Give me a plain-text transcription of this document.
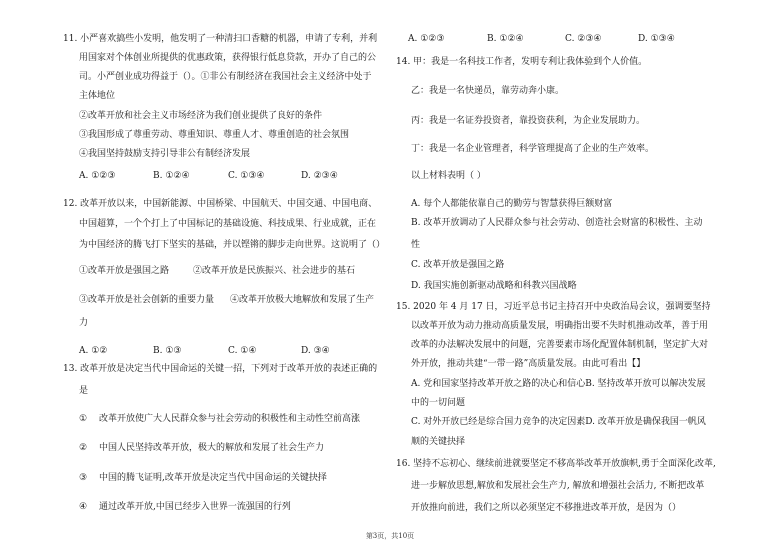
11. 小严喜欢搞些小发明，他发明了一种清扫口香糖的机器，申请了专利，并利
用国家对个体创业所提供的优惠政策，获得银行低息贷款，开办了自己的公
司。小严创业成功得益于（）。①非公有制经济在我国社会主义经济中处于
主体地位
②改革开放和社会主义市场经济为我们创业提供了良好的条件
③我国形成了尊重劳动、尊重知识、尊重人才、尊重创造的社会氛围
④我国坚持鼓励支持引导非公有制经济发展
A. ①②③	B. ①②④	C. ①③④	D. ②③④
12. 改革开放以来，中国新能源、中国桥梁、中国航天、中国交通、中国电商、
中国超算，一个个打上了中国标记的基础设施、科技成果、行业成就，正在
为中国经济的腾飞打下坚实的基础，并以铿锵的脚步走向世界。这说明了（）
①改革开放是强国之路	②改革开放是民族振兴、社会进步的基石
③改革开放是社会创新的重要力量 ④改革开放极大地解放和发展了生产
力
A. ①②	B. ①③	C. ①④	D. ③④
13. 改革开放是决定当代中国命运的关键一招，下列对于改革开放的表述正确的
是
① 改革开放使广大人民群众参与社会劳动的积极性和主动性空前高涨
② 中国人民坚持改革开放，极大的解放和发展了社会生产力
③ 中国的腾飞证明,改革开放是决定当代中国命运的关键抉择
④ 通过改革开放,中国已经步入世界一流强国的行列
A. ①②③	B. ①②④	C. ②③④	D. ①③④
14. 甲：我是一名科技工作者，发明专利让我体验到个人价值。
乙：我是一名快递员，靠劳动奔小康。
丙：我是一名证券投资者，靠投资获利，为企业发展助力。
丁：我是一名企业管理者，科学管理提高了企业的生产效率。
以上材料表明（ ）
A. 每个人都能依靠自己的勤劳与智慧获得巨额财富
B. 改革开放调动了人民群众参与社会劳动、创造社会财富的积极性、主动
性
C. 改革开放是强国之路
D. 我国实施创新驱动战略和科教兴国战略
15. 2020 年 4 月 17 日，习近平总书记主持召开中央政治局会议，强调要坚持
以改革开放为动力推动高质量发展，明确指出要不失时机推动改革，善于用
改革的办法解决发展中的问题，完善要素市场化配置体制机制，坚定扩大对
外开放，推动共建“一带一路”高质量发展。由此可看出【】
A. 党和国家坚持改革开放之路的决心和信心B. 坚持改革开放可以解决发展
中的一切问题
C. 对外开放已经是综合国力竞争的决定因素D. 改革开放是确保我国一帆风
顺的关键抉择
16. 坚持不忘初心、继续前进就要坚定不移高举改革开放旗帜,勇于全面深化改革,
进一步解放思想,解放和发展社会生产力, 解放和增强社会活力, 不断把改革
开放推向前进，我们之所以必须坚定不移推进改革开放，是因为（）
第3页，共10页
